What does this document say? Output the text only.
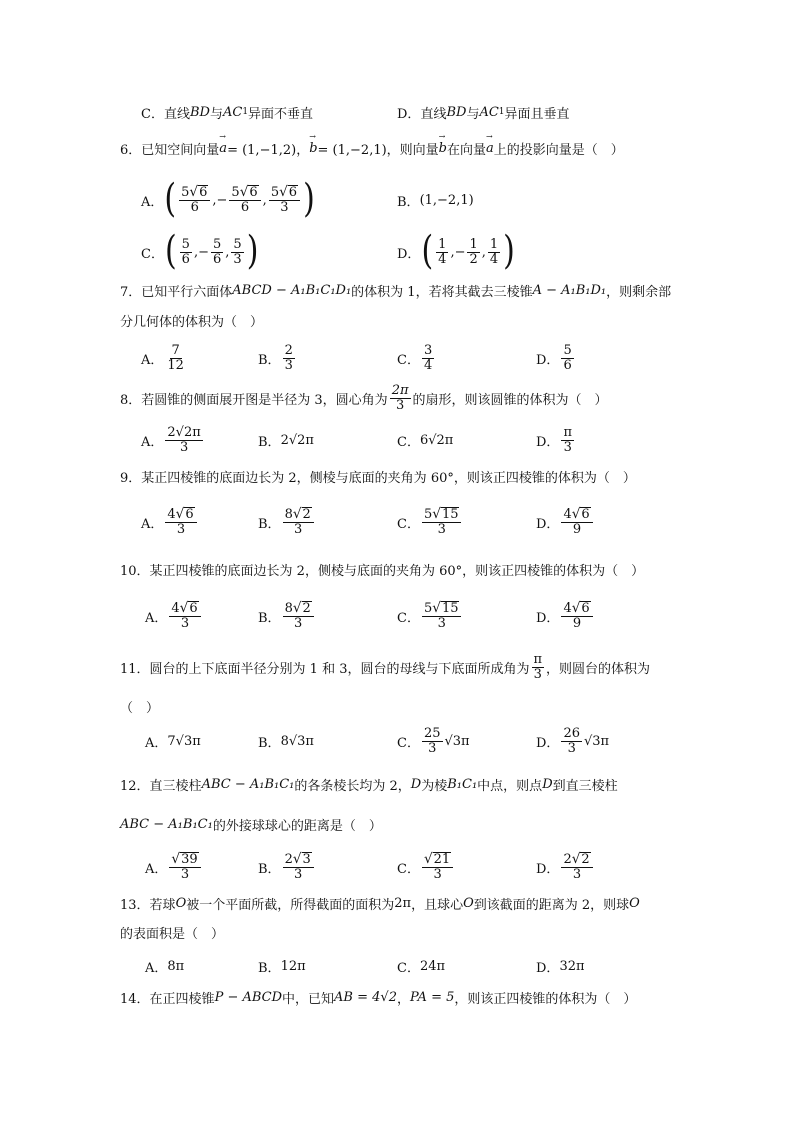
C． 直线 BD 与 AC 1 异面不垂直	D． 直线 BD 与 AC 1 异面且垂直
6． 已知空间向量 → a = (1,−1,2)， → b = (1,−2,1)，则向量 → b 在向量 → a 上的投影向量是（　）
A． ( $\frac{5 √ 6}{6}$ ,− $\frac{5 √ 6}{6}$ , $\frac{5 √ 6}{3}$ )	B． (1,−2,1)
C． ( $\frac{5}{6}$ ,− $\frac{5}{6}$ , $\frac{5}{3}$ )	D． ( $\frac{1}{4}$ ,− $\frac{1}{2}$ , $\frac{1}{4}$ )
7． 已知平行六面体 ABCD − A₁B₁C₁D₁ 的体积为 1，若将其截去三棱锥 A − A₁B₁D₁ ，则剩余部
分几何体的体积为（　）
A． $\frac{7}{12}$	B． $\frac{2}{3}$	C． $\frac{3}{4}$	D． $\frac{5}{6}$
8． 若圆锥的侧面展开图是半径为 3，圆心角为 $\frac{2\pi}{3}$ 的扇形，则该圆锥的体积为（　）
A． $\frac{2√2\pi}{3}$	B． 2√2π	C． 6√2π	D． $\frac{\pi}{3}$
9． 某正四棱锥的底面边长为 2，侧棱与底面的夹角为 60°，则该正四棱锥的体积为（　）
A． $\frac{4 √ 6}{3}$	B． $\frac{8 √ 2}{3}$	C． $\frac{5 √ 15}{3}$	D． $\frac{4 √ 6}{9}$
10． 某正四棱锥的底面边长为 2，侧棱与底面的夹角为 60°，则该正四棱锥的体积为（　）
A． $\frac{4 √ 6}{3}$	B． $\frac{8 √ 2}{3}$	C． $\frac{5 √ 15}{3}$	D． $\frac{4 √ 6}{9}$
11． 圆台的上下底面半径分别为 1 和 3，圆台的母线与下底面所成角为 $\frac{\pi}{3}$ ，则圆台的体积为
（　）
A． 7√3π	B． 8√3π	C． $\frac{25}{3} √3\pi$	D． $\frac{26}{3} √3\pi$
12． 直三棱柱 ABC − A₁B₁C₁ 的各条棱长均为 2， D 为棱 B₁C₁ 中点，则点 D 到直三棱柱
ABC − A₁B₁C₁ 的外接球球心的距离是（　）
A． $\frac{√ 39}{3}$	B． $\frac{2 √ 3}{3}$	C． $\frac{√ 21}{3}$	D． $\frac{2 √ 2}{3}$
13． 若球 O 被一个平面所截，所得截面的面积为 2π ，且球心 O 到该截面的距离为 2，则球 O
的表面积是（　）
A． 8π	B． 12π	C． 24π	D． 32π
14． 在正四棱锥 P − ABCD 中，已知 AB = 4√2 ， PA = 5 ，则该正四棱锥的体积为（　）
